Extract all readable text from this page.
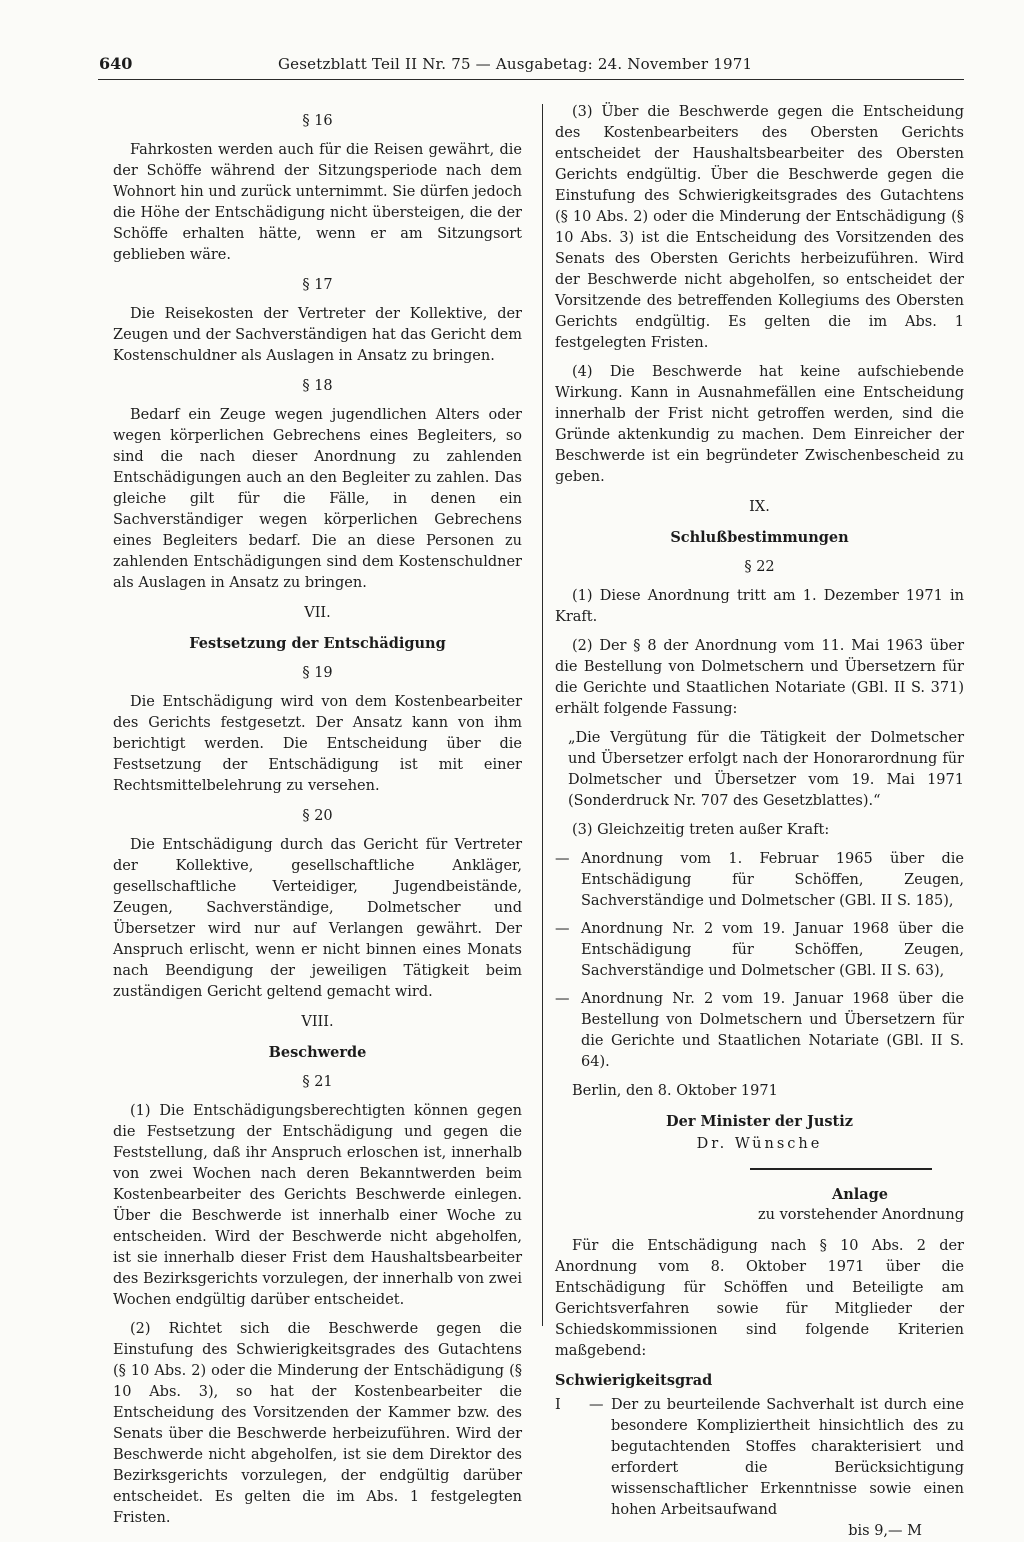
640	Gesetzblatt Teil II Nr. 75 — Ausgabetag: 24. November 1971
§ 16

Fahrkosten werden auch für die Reisen gewährt, die der Schöffe während der Sitzungsperiode nach dem Wohnort hin und zurück unternimmt. Sie dürfen jedoch die Höhe der Entschädigung nicht übersteigen, die der Schöffe erhalten hätte, wenn er am Sitzungsort geblieben wäre.

§ 17

Die Reisekosten der Vertreter der Kollektive, der Zeugen und der Sachverständigen hat das Gericht dem Kostenschuldner als Auslagen in Ansatz zu bringen.

§ 18

Bedarf ein Zeuge wegen jugendlichen Alters oder wegen körperlichen Gebrechens eines Begleiters, so sind die nach dieser Anordnung zu zahlenden Entschädigungen auch an den Begleiter zu zahlen. Das gleiche gilt für die Fälle, in denen ein Sachverständiger wegen körperlichen Gebrechens eines Begleiters bedarf. Die an diese Personen zu zahlenden Entschädigungen sind dem Kostenschuldner als Auslagen in Ansatz zu bringen.

VII.
Festsetzung der Entschädigung
§ 19

Die Entschädigung wird von dem Kostenbearbeiter des Gerichts festgesetzt. Der Ansatz kann von ihm berichtigt werden. Die Entscheidung über die Festsetzung der Entschädigung ist mit einer Rechtsmittelbelehrung zu versehen.

§ 20

Die Entschädigung durch das Gericht für Vertreter der Kollektive, gesellschaftliche Ankläger, gesellschaftliche Verteidiger, Jugendbeistände, Zeugen, Sachverständige, Dolmetscher und Übersetzer wird nur auf Verlangen gewährt. Der Anspruch erlischt, wenn er nicht binnen eines Monats nach Beendigung der jeweiligen Tätigkeit beim zuständigen Gericht geltend gemacht wird.

VIII.
Beschwerde
§ 21

(1) Die Entschädigungsberechtigten können gegen die Festsetzung der Entschädigung und gegen die Feststellung, daß ihr Anspruch erloschen ist, innerhalb von zwei Wochen nach deren Bekanntwerden beim Kostenbearbeiter des Gerichts Beschwerde einlegen. Über die Beschwerde ist innerhalb einer Woche zu entscheiden. Wird der Beschwerde nicht abgeholfen, ist sie innerhalb dieser Frist dem Haushaltsbearbeiter des Bezirksgerichts vorzulegen, der innerhalb von zwei Wochen endgültig darüber entscheidet.

(2) Richtet sich die Beschwerde gegen die Einstufung des Schwierigkeitsgrades des Gutachtens (§ 10 Abs. 2) oder die Minderung der Entschädigung (§ 10 Abs. 3), so hat der Kostenbearbeiter die Entscheidung des Vorsitzenden der Kammer bzw. des Senats über die Beschwerde herbeizuführen. Wird der Beschwerde nicht abgeholfen, ist sie dem Direktor des Bezirksgerichts vorzulegen, der endgültig darüber entscheidet. Es gelten die im Abs. 1 festgelegten Fristen.

(3) Über die Beschwerde gegen die Entscheidung des Kostenbearbeiters des Obersten Gerichts entscheidet der Haushaltsbearbeiter des Obersten Gerichts endgültig. Über die Beschwerde gegen die Einstufung des Schwierigkeitsgrades des Gutachtens (§ 10 Abs. 2) oder die Minderung der Entschädigung (§ 10 Abs. 3) ist die Entscheidung des Vorsitzenden des Senats des Obersten Gerichts herbeizuführen. Wird der Beschwerde nicht abgeholfen, so entscheidet der Vorsitzende des betreffenden Kollegiums des Obersten Gerichts endgültig. Es gelten die im Abs. 1 festgelegten Fristen.

(4) Die Beschwerde hat keine aufschiebende Wirkung. Kann in Ausnahmefällen eine Entscheidung innerhalb der Frist nicht getroffen werden, sind die Gründe aktenkundig zu machen. Dem Einreicher der Beschwerde ist ein begründeter Zwischenbescheid zu geben.

IX.
Schlußbestimmungen
§ 22

(1) Diese Anordnung tritt am 1. Dezember 1971 in Kraft.

(2) Der § 8 der Anordnung vom 11. Mai 1963 über die Bestellung von Dolmetschern und Übersetzern für die Gerichte und Staatlichen Notariate (GBl. II S. 371) erhält folgende Fassung:

„Die Vergütung für die Tätigkeit der Dolmetscher und Übersetzer erfolgt nach der Honorarordnung für Dolmetscher und Übersetzer vom 19. Mai 1971 (Sonderdruck Nr. 707 des Gesetzblattes).“

(3) Gleichzeitig treten außer Kraft:

— Anordnung vom 1. Februar 1965 über die Entschädigung für Schöffen, Zeugen, Sachverständige und Dolmetscher (GBl. II S. 185),
— Anordnung Nr. 2 vom 19. Januar 1968 über die Entschädigung für Schöffen, Zeugen, Sachverständige und Dolmetscher (GBl. II S. 63),
— Anordnung Nr. 2 vom 19. Januar 1968 über die Bestellung von Dolmetschern und Übersetzern für die Gerichte und Staatlichen Notariate (GBl. II S. 64).

Berlin, den 8. Oktober 1971

Der Minister der Justiz
Dr. Wünsche
Anlage
zu vorstehender Anordnung

Für die Entschädigung nach § 10 Abs. 2 der Anordnung vom 8. Oktober 1971 über die Entschädigung für Schöffen und Beteiligte am Gerichtsverfahren sowie für Mitglieder der Schiedskommissionen sind folgende Kriterien maßgebend:

Schwierigkeitsgrad
I	— Der zu beurteilende Sachverhalt ist durch eine besondere Kompliziertheit hinsichtlich des zu begutachtenden Stoffes charakterisiert und erfordert die Berücksichtigung wissenschaftlicher Erkenntnisse sowie einen hohen Arbeitsaufwand
bis 9,— M
